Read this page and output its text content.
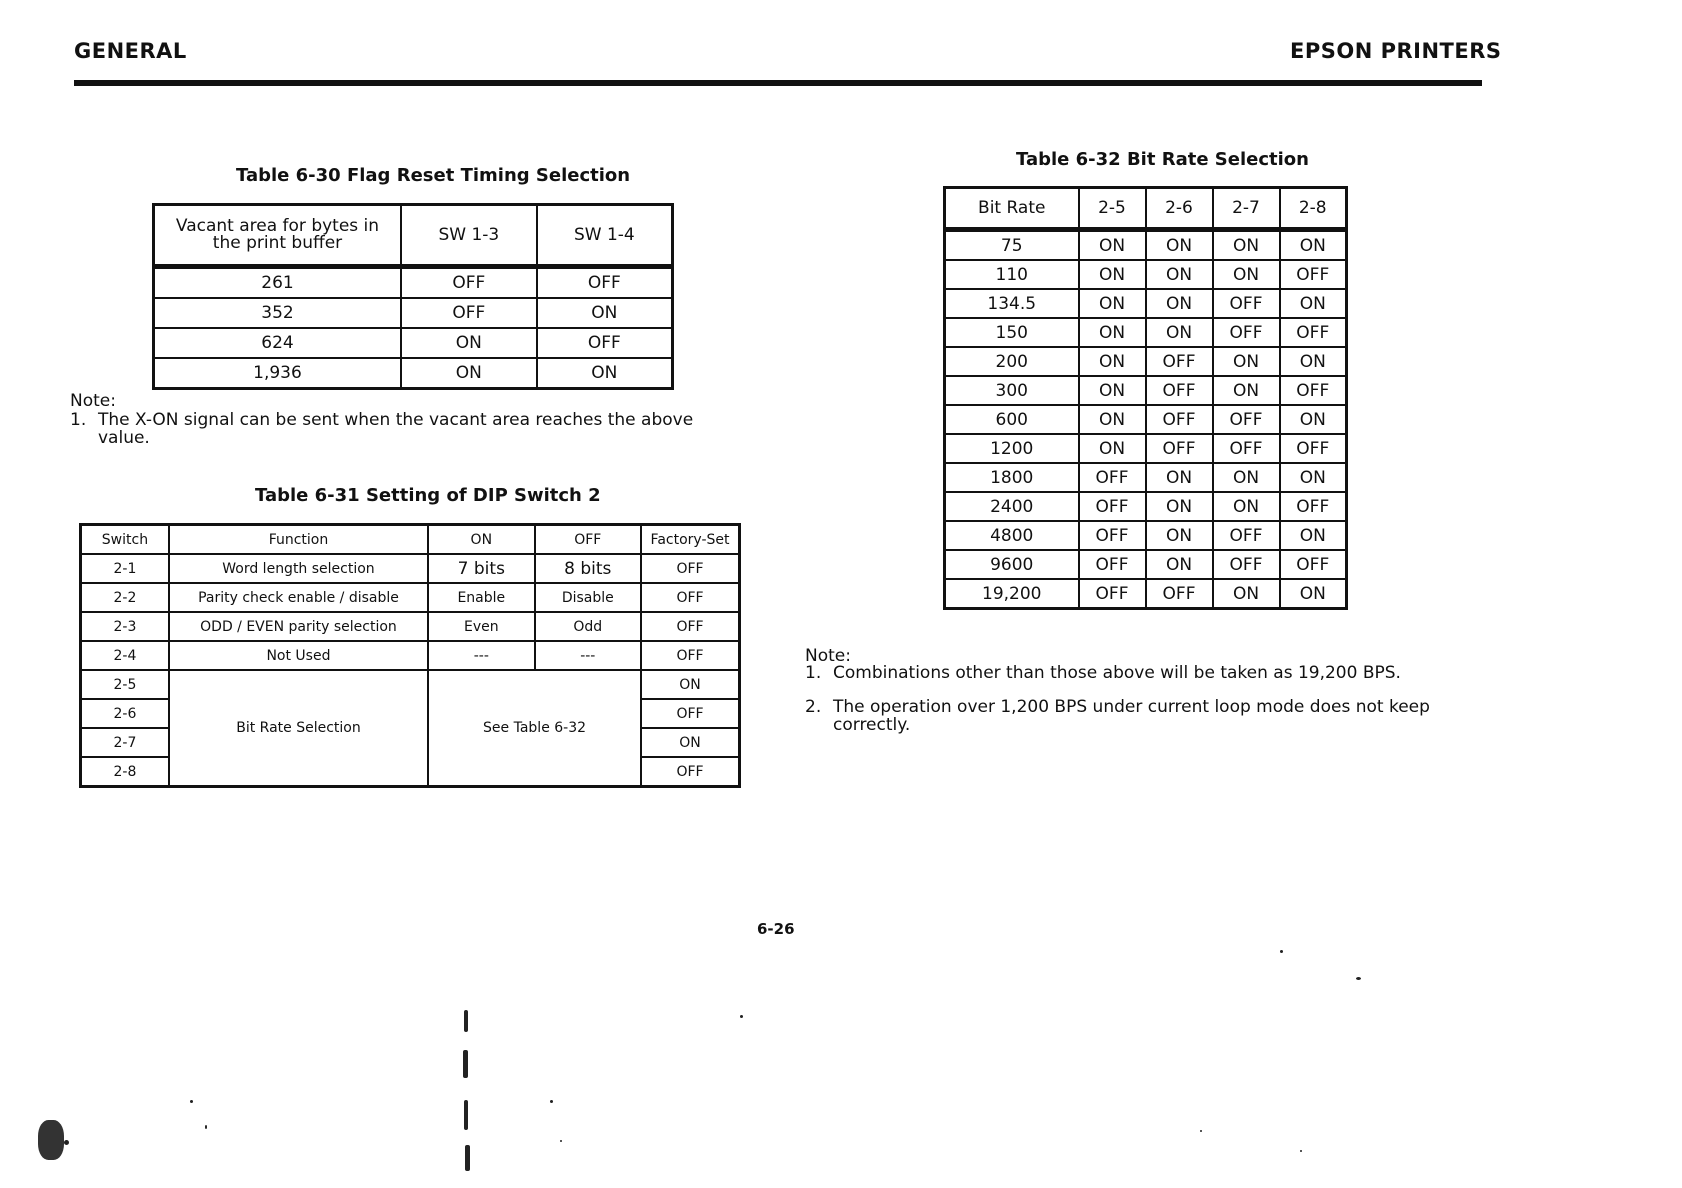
GENERAL	EPSON PRINTERS
Table 6-30 Flag Reset Timing Selection
Vacant area for bytes in the print buffer	SW 1-3	SW 1-4
261	OFF	OFF
352	OFF	ON
624	ON	OFF
1,936	ON	ON
Note:
1. The X-ON signal can be sent when the vacant area reaches the above value.
Table 6-31 Setting of DIP Switch 2
Switch	Function	ON	OFF	Factory-Set
2-1	Word length selection	7 bits	8 bits	OFF
2-2	Parity check enable / disable	Enable	Disable	OFF
2-3	ODD / EVEN parity selection	Even	Odd	OFF
2-4	Not Used	---	---	OFF
2-5	Bit Rate Selection	See Table 6-32		ON
2-6				OFF
2-7				ON
2-8				OFF
Table 6-32 Bit Rate Selection
Bit Rate	2-5	2-6	2-7	2-8
75	ON	ON	ON	ON
110	ON	ON	ON	OFF
134.5	ON	ON	OFF	ON
150	ON	ON	OFF	OFF
200	ON	OFF	ON	ON
300	ON	OFF	ON	OFF
600	ON	OFF	OFF	ON
1200	ON	OFF	OFF	OFF
1800	OFF	ON	ON	ON
2400	OFF	ON	ON	OFF
4800	OFF	ON	OFF	ON
9600	OFF	ON	OFF	OFF
19,200	OFF	OFF	ON	ON
Note:
1. Combinations other than those above will be taken as 19,200 BPS.
2. The operation over 1,200 BPS under current loop mode does not keep correctly.
6-26
